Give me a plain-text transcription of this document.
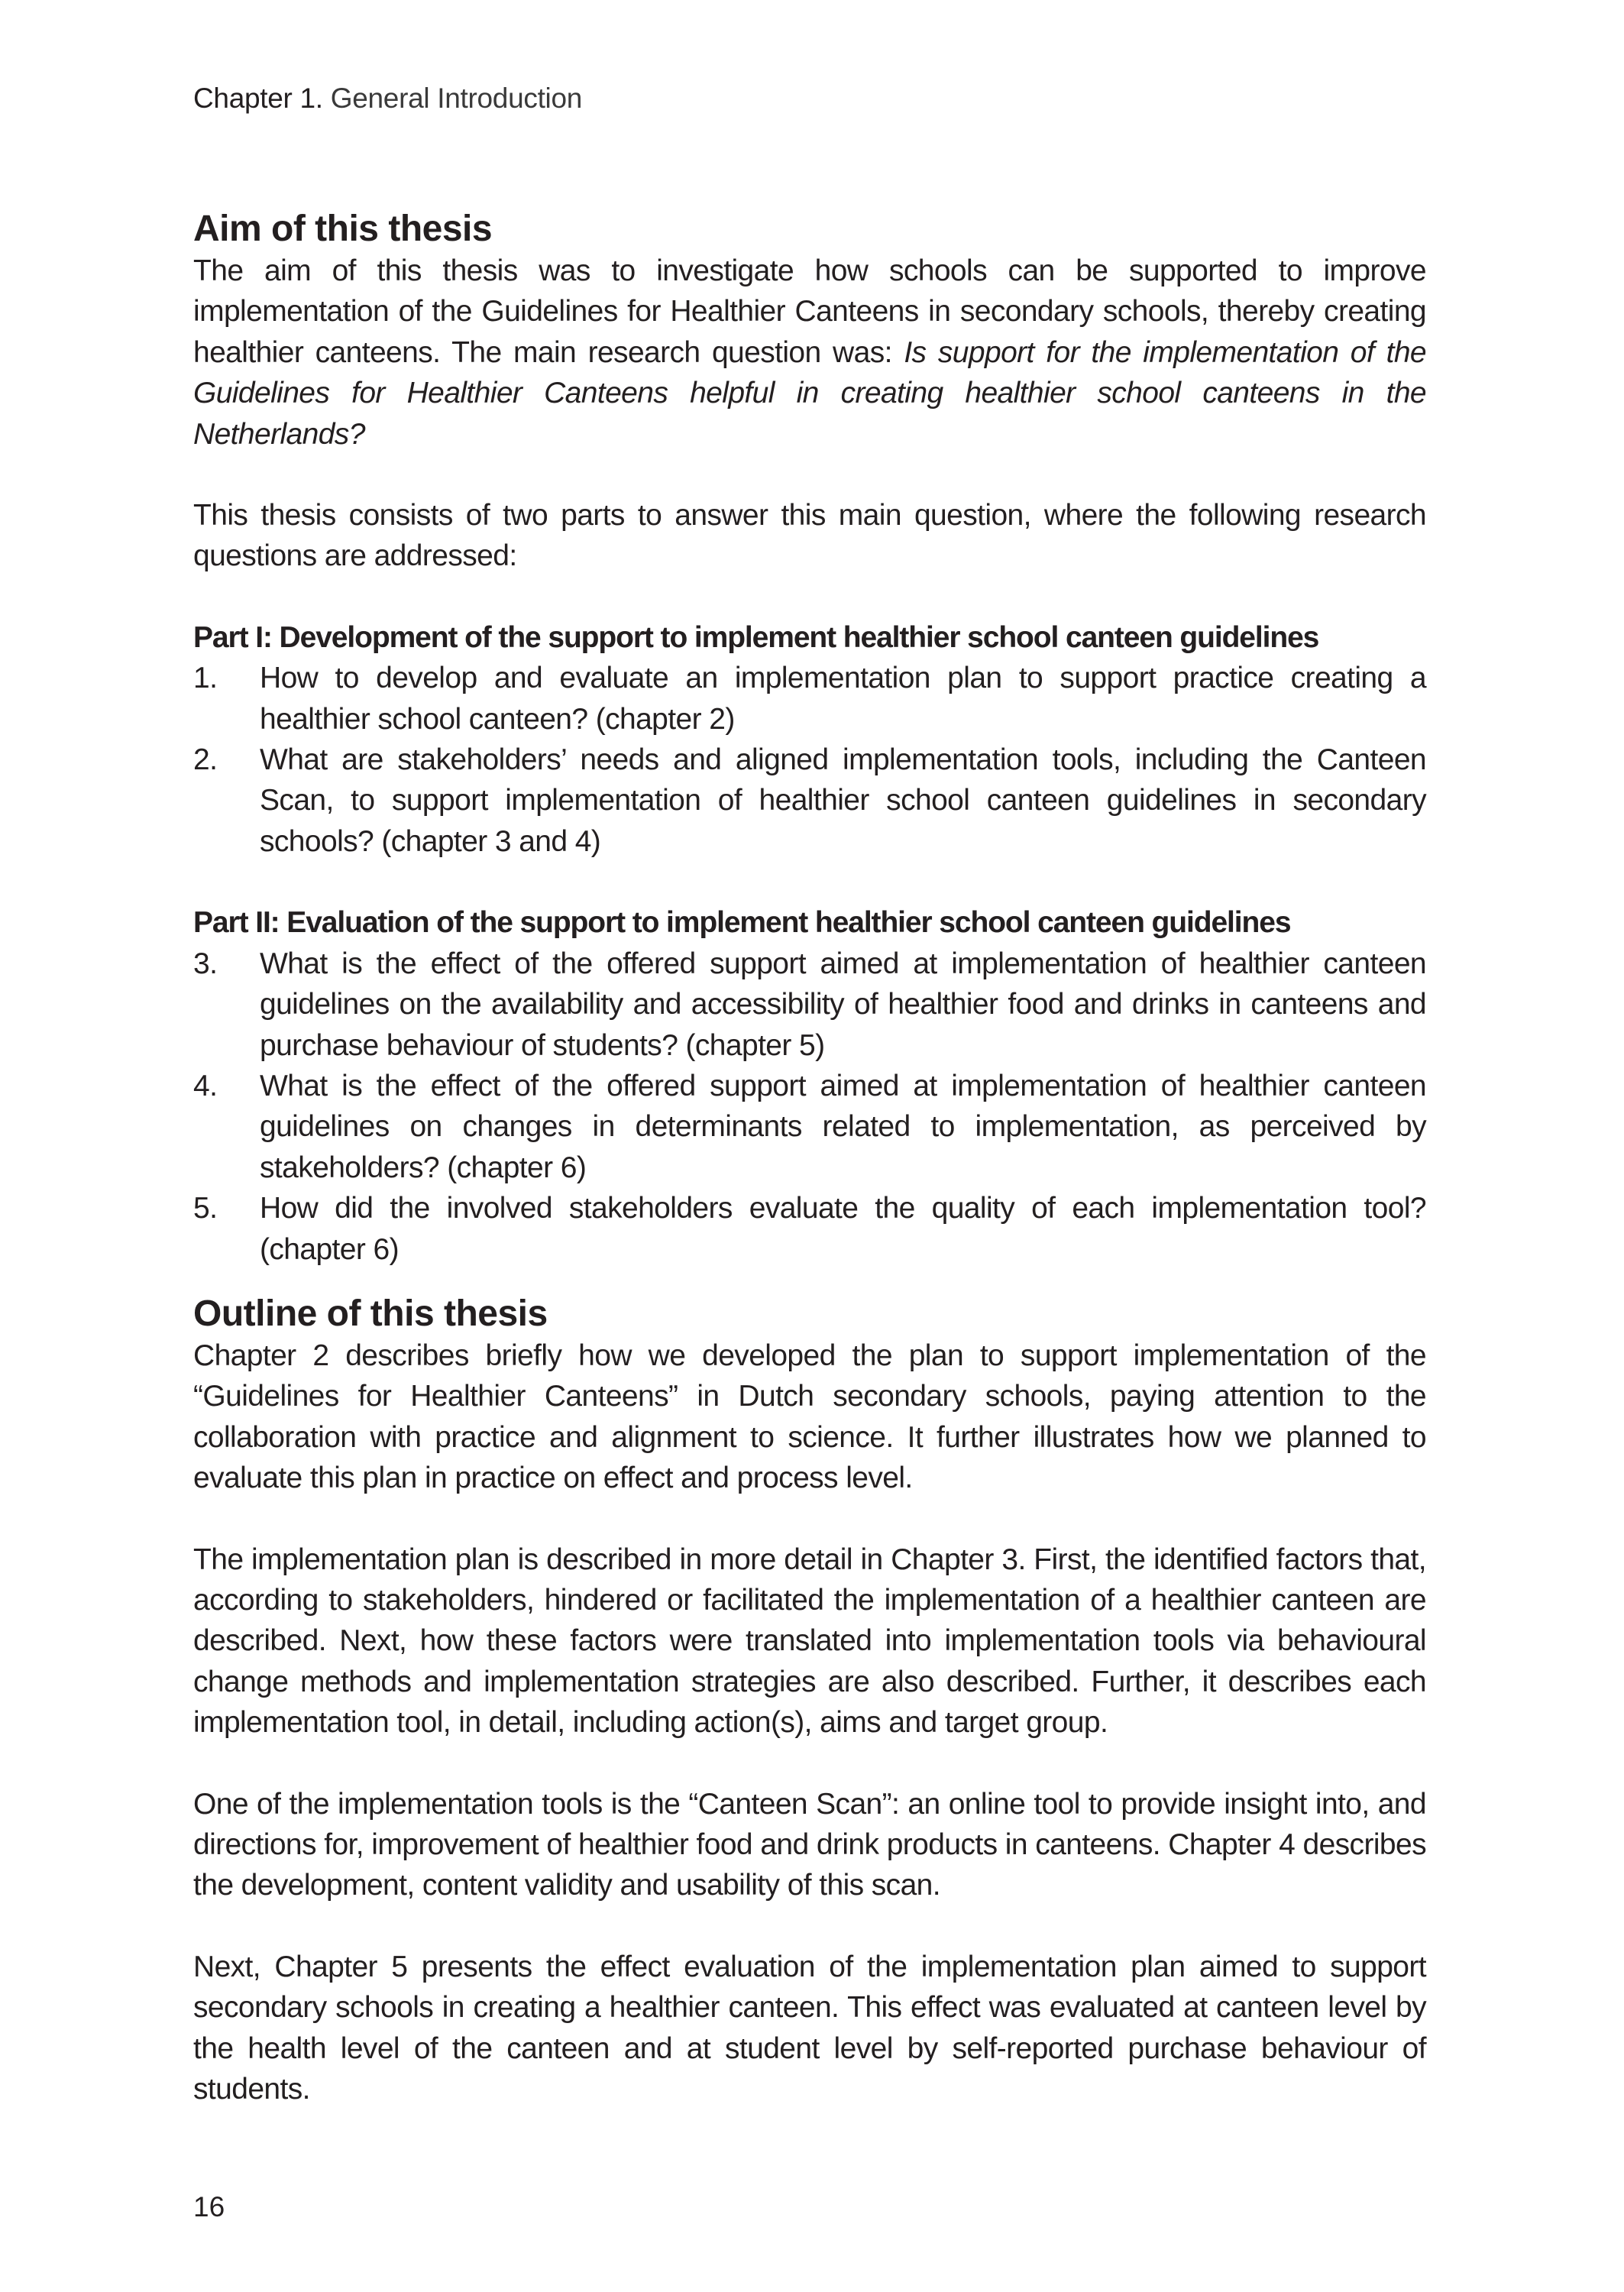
Chapter 1. General Introduction
Aim of this thesis

The aim of this thesis was to investigate how schools can be supported to improve implementation of the Guidelines for Healthier Canteens in secondary schools, thereby creating healthier canteens. The main research question was: Is support for the implementation of the Guidelines for Healthier Canteens helpful in creating healthier school canteens in the Netherlands?

This thesis consists of two parts to answer this main question, where the following research questions are addressed:

Part I: Development of the support to implement healthier school canteen guidelines
1. How to develop and evaluate an implementation plan to support practice creating a healthier school canteen? (chapter 2)
2. What are stakeholders’ needs and aligned implementation tools, including the Canteen Scan, to support implementation of healthier school canteen guidelines in secondary schools? (chapter 3 and 4)
Part II: Evaluation of the support to implement healthier school canteen guidelines
3. What is the effect of the offered support aimed at implementation of healthier canteen guidelines on the availability and accessibility of healthier food and drinks in canteens and purchase behaviour of students? (chapter 5)
4. What is the effect of the offered support aimed at implementation of healthier canteen guidelines on changes in determinants related to implementation, as perceived by stakeholders? (chapter 6)
5. How did the involved stakeholders evaluate the quality of each implementation tool? (chapter 6)
Outline of this thesis

Chapter 2 describes briefly how we developed the plan to support implementation of the “Guidelines for Healthier Canteens” in Dutch secondary schools, paying attention to the collaboration with practice and alignment to science. It further illustrates how we planned to evaluate this plan in practice on effect and process level.

The implementation plan is described in more detail in Chapter 3. First, the identified factors that, according to stakeholders, hindered or facilitated the implementation of a healthier canteen are described. Next, how these factors were translated into implementation tools via behavioural change methods and implementation strategies are also described. Further, it describes each implementation tool, in detail, including action(s), aims and target group.

One of the implementation tools is the “Canteen Scan”: an online tool to provide insight into, and directions for, improvement of healthier food and drink products in canteens. Chapter 4 describes the development, content validity and usability of this scan.

Next, Chapter 5 presents the effect evaluation of the implementation plan aimed to support secondary schools in creating a healthier canteen. This effect was evaluated at canteen level by the health level of the canteen and at student level by self-reported purchase behaviour of students.

16
